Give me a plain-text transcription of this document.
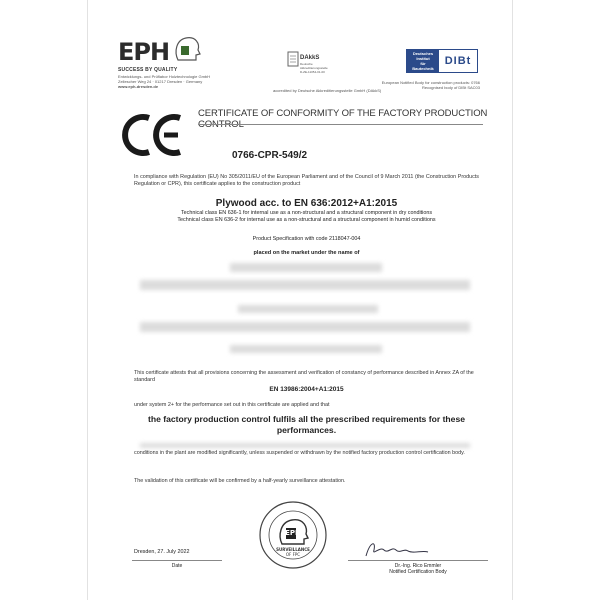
EPH
SUCCESS BY QUALITY
Entwicklungs- und Prüflabor Holztechnologie GmbH
Zellescher Weg 24 · 01217 Dresden · Germany
www.eph-dresden.de
DAkkS
Deutsche
Akkreditierungsstelle
D-ZE-11054-01-00
accredited by Deutsche Akkreditierungsstelle GmbH (DAkkS)
Deutsches
Institut
für
Bautechnik
DIBt
European Notified Body for construction products: 0766
Recognised body of DIBt SAC03
CERTIFICATE OF CONFORMITY OF THE FACTORY PRODUCTION
0766-CPR-549/2
In compliance with Regulation (EU) No 305/2011/EU of the European Parliament and of the Council of 9 March 2011 (the Construction Products Regulation or CPR), this certificate applies to the construction product
Plywood acc. to EN 636:2012+A1:2015
Technical class EN 636-1 for internal use as a non-structural and a structural component in dry conditions
Technical class EN 636-2 for internal use as a non-structural and a structural component in humid conditions
Product Specification with code 2118047-004
placed on the market under the name of
This certificate attests that all provisions concerning the assessment and verification of constancy of performance described in Annex ZA of the standard
EN 13986:2004+A1:2015
under system 2+ for the performance set out in this certificate are applied and that
the factory production control fulfils all the prescribed requirements for these performances.
conditions in the plant are modified significantly, unless suspended or withdrawn by the notified factory production control certification body.
The validation of this certificate will be confirmed by a half-yearly surveillance attestation.
EPH
SURVEILLANCE
OF FPC
Dresden, 27. July 2022
Date	Dr.-Ing. Rico Emmler
Notified Certification Body
